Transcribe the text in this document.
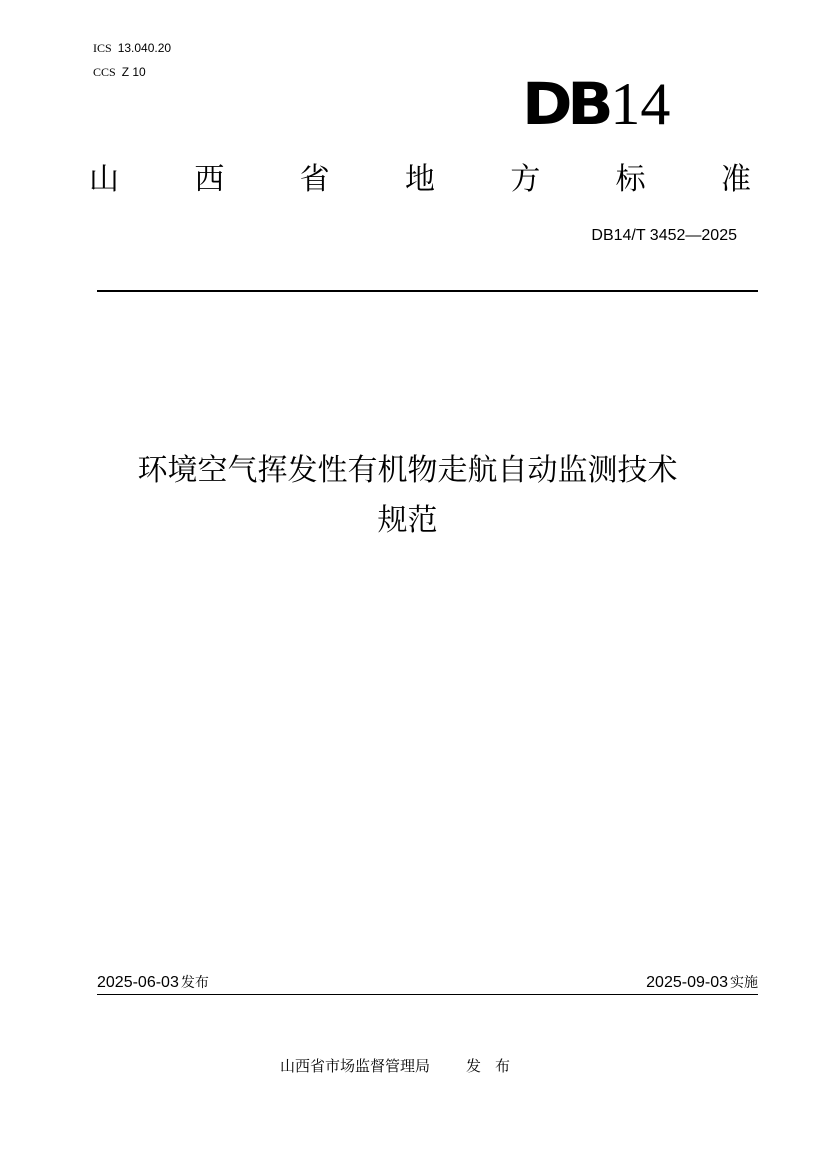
ICS 13.040.20
CCS Z 10	DB 14
山	西	省	地	方	标	准
DB14/T 3452—2025
环境空气挥发性有机物走航自动监测技术
规范
2025-06-03 发布	2025-09-03 实施
山西省市场监督管理局 发布
